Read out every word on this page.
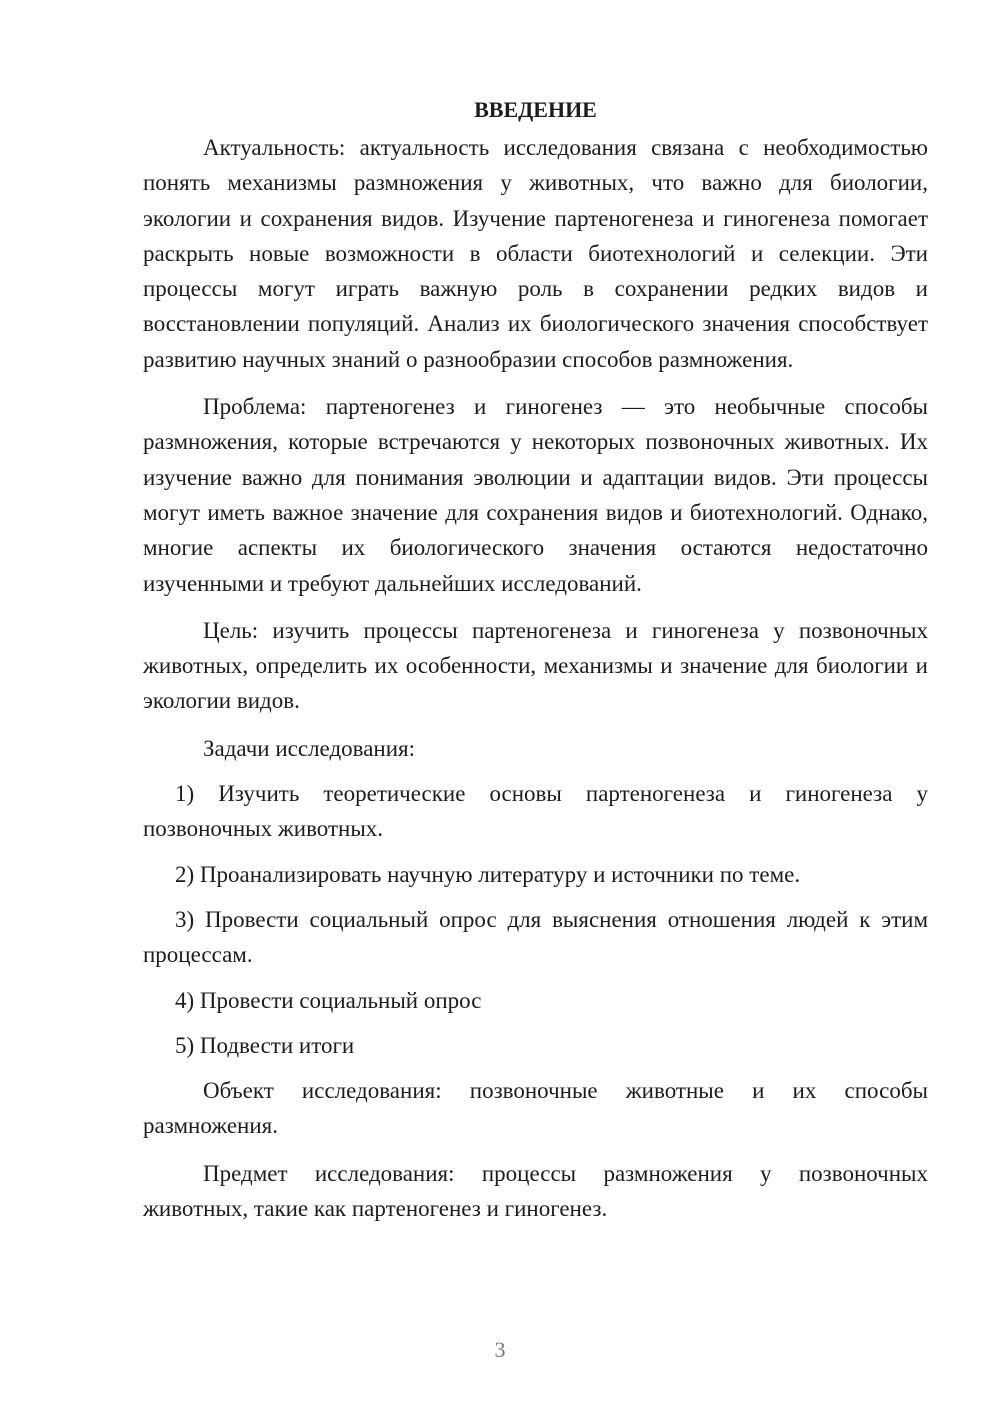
ВВЕДЕНИЕ

Актуальность: актуальность исследования связана с необходимостью понять механизмы размножения у животных, что важно для биологии, экологии и сохранения видов. Изучение партеногенеза и гиногенеза помогает раскрыть новые возможности в области биотехнологий и селекции. Эти процессы могут играть важную роль в сохранении редких видов и восстановлении популяций. Анализ их биологического значения способствует развитию научных знаний о разнообразии способов размножения.

Проблема: партеногенез и гиногенез — это необычные способы размножения, которые встречаются у некоторых позвоночных животных. Их изучение важно для понимания эволюции и адаптации видов. Эти процессы могут иметь важное значение для сохранения видов и биотехнологий. Однако, многие аспекты их биологического значения остаются недостаточно изученными и требуют дальнейших исследований.

Цель: изучить процессы партеногенеза и гиногенеза у позвоночных животных, определить их особенности, механизмы и значение для биологии и экологии видов.

Задачи исследования:

1) Изучить теоретические основы партеногенеза и гиногенеза у позвоночных животных.

2) Проанализировать научную литературу и источники по теме.

3) Провести социальный опрос для выяснения отношения людей к этим процессам.

4) Провести социальный опрос

5) Подвести итоги

Объект исследования: позвоночные животные и их способы размножения.

Предмет исследования: процессы размножения у позвоночных животных, такие как партеногенез и гиногенез.

3
